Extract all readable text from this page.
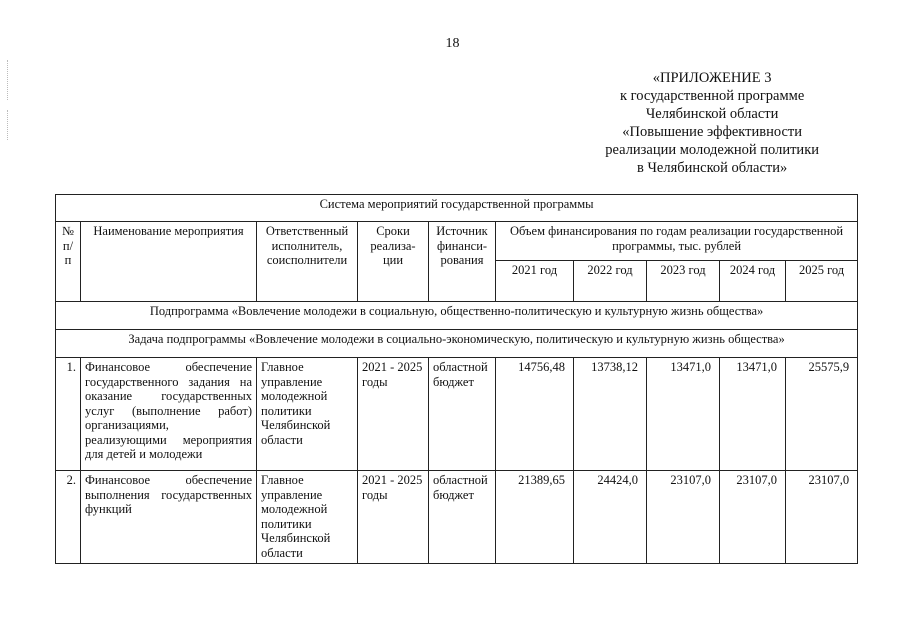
18
«ПРИЛОЖЕНИЕ 3
к государственной программе
Челябинской области
«Повышение эффективности
реализации молодежной политики
в Челябинской области»
Система мероприятий государственной программы									
№ п/п	Наименование мероприятия	Ответственный исполнитель, соисполнители	Сроки реализа- ции	Источник финанси- рования	Объем финансирования по годам реализации государственной программы, тыс. рублей				
					2021 год	2022 год	2023 год	2024 год	2025 год
Подпрограмма «Вовлечение молодежи в социальную, общественно-политическую и культурную жизнь общества»									
Задача подпрограммы «Вовлечение молодежи в социально-экономическую, политическую и культурную жизнь общества»									
1.	Финансовое обеспечение государственного задания на оказание государственных услуг (выполнение работ) организациями, реализующими мероприятия для детей и молодежи	Главное управление молодежной политики Челябинской области	2021 - 2025 годы	областной бюджет	14756,48	13738,12	13471,0	13471,0	25575,9
2.	Финансовое обеспечение выполнения государственных функций	Главное управление молодежной политики Челябинской области	2021 - 2025 годы	областной бюджет	21389,65	24424,0	23107,0	23107,0	23107,0
